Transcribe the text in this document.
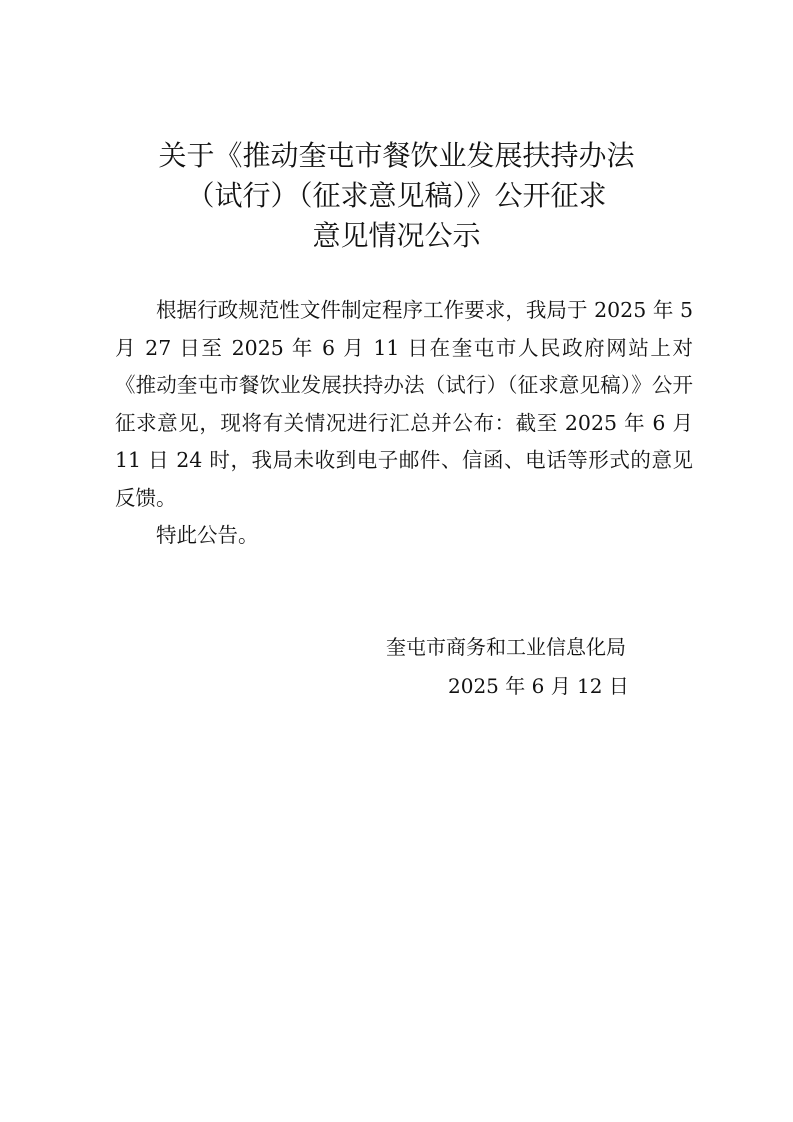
关于《推动奎屯市餐饮业发展扶持办法
（试行）（征求意见稿）》公开征求
意见情况公示

根据行政规范性文件制定程序工作要求，我局于 2025 年 5 月 27 日至 2025 年 6 月 11 日在奎屯市人民政府网站上对《推动奎屯市餐饮业发展扶持办法（试行）（征求意见稿）》公开征求意见，现将有关情况进行汇总并公布：截至 2025 年 6 月 11 日 24 时，我局未收到电子邮件、信函、电话等形式的意见反馈。

特此公告。

奎屯市商务和工业信息化局
2025 年 6 月 12 日
